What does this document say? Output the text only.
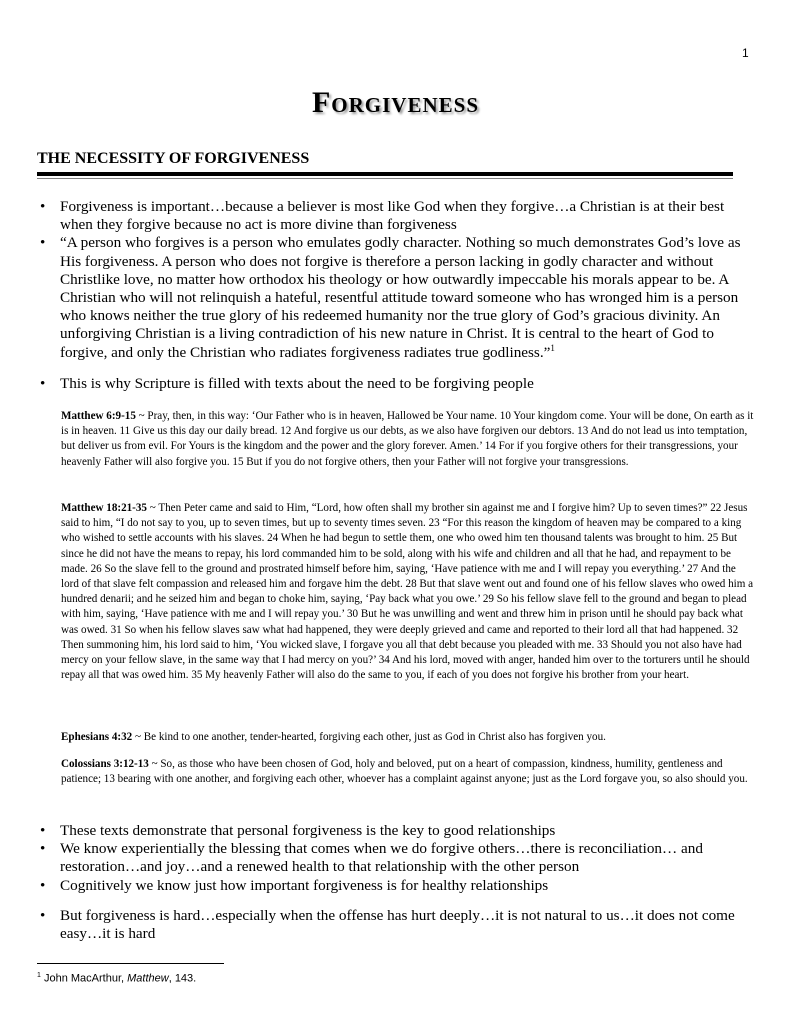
1
Forgiveness
THE NECESSITY OF FORGIVENESS
• Forgiveness is important…because a believer is most like God when they forgive…a Christian is at their best when they forgive because no act is more divine than forgiveness
• “A person who forgives is a person who emulates godly character. Nothing so much demonstrates God’s love as His forgiveness. A person who does not forgive is therefore a person lacking in godly character and without Christlike love, no matter how orthodox his theology or how outwardly impeccable his morals appear to be. A Christian who will not relinquish a hateful, resentful attitude toward someone who has wronged him is a person who knows neither the true glory of his redeemed humanity nor the true glory of God’s gracious divinity. An unforgiving Christian is a living contradiction of his new nature in Christ. It is central to the heart of God to forgive, and only the Christian who radiates forgiveness radiates true godliness.”$^1$
• This is why Scripture is filled with texts about the need to be forgiving people

Matthew 6:9-15 ~ Pray, then, in this way: ‘Our Father who is in heaven, Hallowed be Your name. 10 Your kingdom come. Your will be done, On earth as it is in heaven. 11 Give us this day our daily bread. 12 And forgive us our debts, as we also have forgiven our debtors. 13 And do not lead us into temptation, but deliver us from evil. For Yours is the kingdom and the power and the glory forever. Amen.’ 14 For if you forgive others for their transgressions, your heavenly Father will also forgive you. 15 But if you do not forgive others, then your Father will not forgive your transgressions.

Matthew 18:21-35 ~ Then Peter came and said to Him, “Lord, how often shall my brother sin against me and I forgive him? Up to seven times?” 22 Jesus said to him, “I do not say to you, up to seven times, but up to seventy times seven. 23 “For this reason the kingdom of heaven may be compared to a king who wished to settle accounts with his slaves. 24 When he had begun to settle them, one who owed him ten thousand talents was brought to him. 25 But since he did not have the means to repay, his lord commanded him to be sold, along with his wife and children and all that he had, and repayment to be made. 26 So the slave fell to the ground and prostrated himself before him, saying, ‘Have patience with me and I will repay you everything.’ 27 And the lord of that slave felt compassion and released him and forgave him the debt. 28 But that slave went out and found one of his fellow slaves who owed him a hundred denarii; and he seized him and began to choke him, saying, ‘Pay back what you owe.’ 29 So his fellow slave fell to the ground and began to plead with him, saying, ‘Have patience with me and I will repay you.’ 30 But he was unwilling and went and threw him in prison until he should pay back what was owed. 31 So when his fellow slaves saw what had happened, they were deeply grieved and came and reported to their lord all that had happened. 32 Then summoning him, his lord said to him, ‘You wicked slave, I forgave you all that debt because you pleaded with me. 33 Should you not also have had mercy on your fellow slave, in the same way that I had mercy on you?’ 34 And his lord, moved with anger, handed him over to the torturers until he should repay all that was owed him. 35 My heavenly Father will also do the same to you, if each of you does not forgive his brother from your heart.

Ephesians 4:32 ~ Be kind to one another, tender-hearted, forgiving each other, just as God in Christ also has forgiven you.

Colossians 3:12-13 ~ So, as those who have been chosen of God, holy and beloved, put on a heart of compassion, kindness, humility, gentleness and patience; 13 bearing with one another, and forgiving each other, whoever has a complaint against anyone; just as the Lord forgave you, so also should you.

• These texts demonstrate that personal forgiveness is the key to good relationships
• We know experientially the blessing that comes when we do forgive others…there is reconciliation… and restoration…and joy…and a renewed health to that relationship with the other person
• Cognitively we know just how important forgiveness is for healthy relationships
• But forgiveness is hard…especially when the offense has hurt deeply…it is not natural to us…it does not come easy…it is hard
$^1$ John MacArthur, Matthew, 143.
